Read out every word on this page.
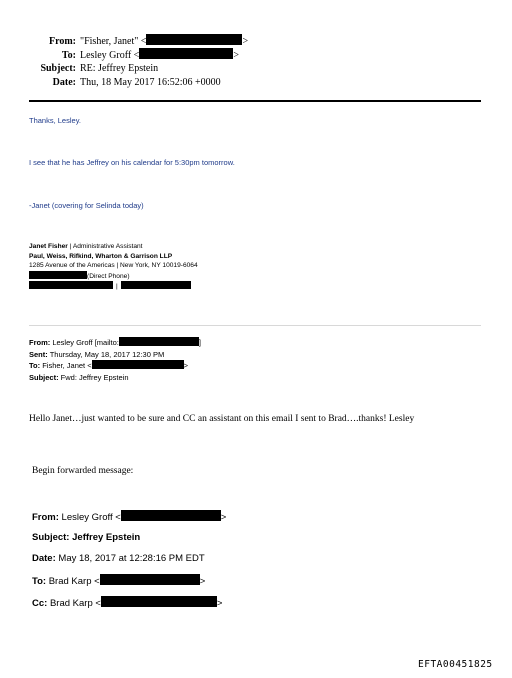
From: "Fisher, Janet" <	>
To: Lesley Groff <	>
Subject: RE: Jeffrey Epstein
Date: Thu, 18 May 2017 16:52:06 +0000
Thanks, Lesley.
I see that he has Jeffrey on his calendar for 5:30pm tomorrow.
-Janet (covering for Selinda today)
Janet Fisher | Administrative Assistant
Paul, Weiss, Rifkind, Wharton & Garrison LLP
1285 Avenue of the Americas | New York, NY 10019-6064
(Direct Phone)
|
From: Lesley Groff [mailto:	]
Sent: Thursday, May 18, 2017 12:30 PM
To: Fisher, Janet <	>
Subject: Fwd: Jeffrey Epstein
Hello Janet…just wanted to be sure and CC an assistant on this email I sent to Brad….thanks! Lesley
Begin forwarded message:
From: Lesley Groff <	>
Subject: Jeffrey Epstein
Date: May 18, 2017 at 12:28:16 PM EDT
To: Brad Karp <	>
Cc: Brad Karp <	>
EFTA00451825
